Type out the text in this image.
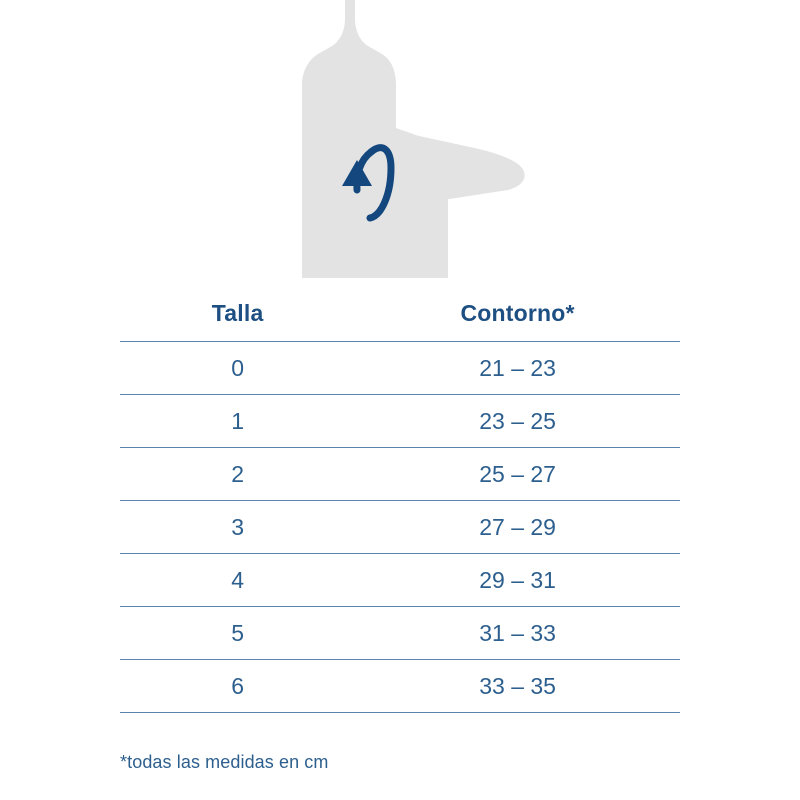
Talla	Contorno*
0	21 – 23
1	23 – 25
2	25 – 27
3	27 – 29
4	29 – 31
5	31 – 33
6	33 – 35
*todas las medidas en cm
